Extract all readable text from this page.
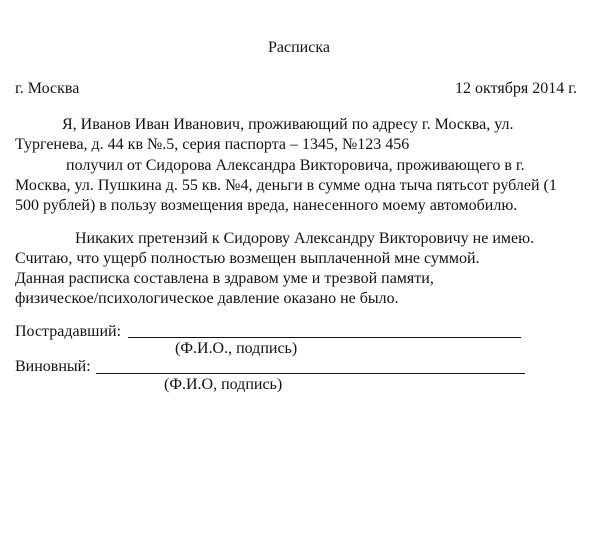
Расписка
г. Москва	12 октября 2014 г.
Я, Иванов Иван Иванович, проживающий по адресу г. Москва, ул.
Тургенева, д. 44 кв №.5, серия паспорта – 1345, №123 456
получил от Сидорова Александра Викторовича, проживающего в г.
Москва, ул. Пушкина д. 55 кв. №4, деньги в сумме одна тыча пятьсот рублей (1
500 рублей) в пользу возмещения вреда, нанесенного моему автомобилю.
Никаких претензий к Сидорову Александру Викторовичу не имею.
Считаю, что ущерб полностью возмещен выплаченной мне суммой.
Данная расписка составлена в здравом уме и трезвой памяти,
физическое/психологическое давление оказано не было.
Пострадавший:
(Ф.И.О., подпись)
Виновный:
(Ф.И.О, подпись)
